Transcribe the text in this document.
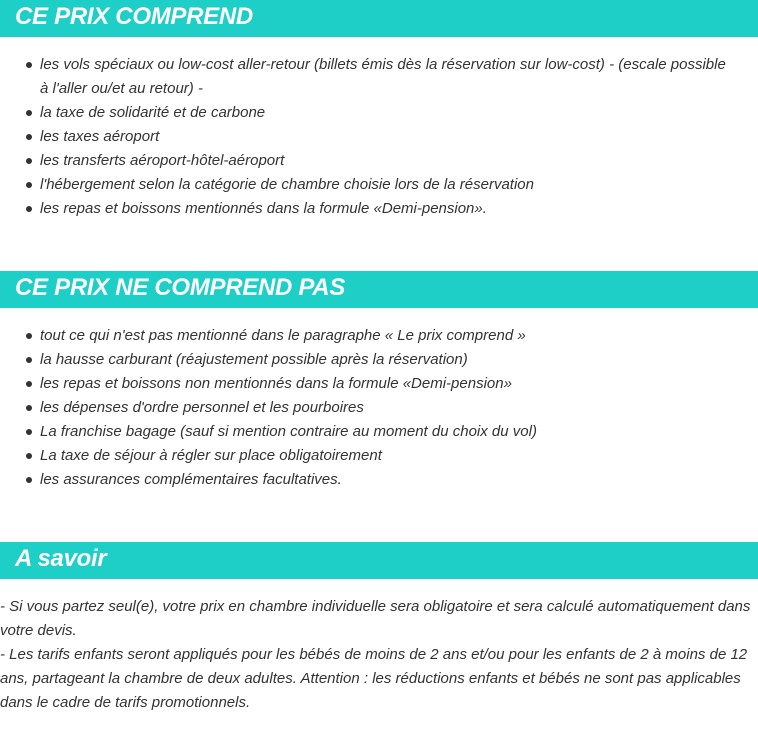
CE PRIX COMPREND
les vols spéciaux ou low-cost aller-retour (billets émis dès la réservation sur low-cost) - (escale possible à l'aller ou/et au retour) -
la taxe de solidarité et de carbone
les taxes aéroport
les transferts aéroport-hôtel-aéroport
l'hébergement selon la catégorie de chambre choisie lors de la réservation
les repas et boissons mentionnés dans la formule «Demi-pension».
CE PRIX NE COMPREND PAS
tout ce qui n'est pas mentionné dans le paragraphe « Le prix comprend »
la hausse carburant (réajustement possible après la réservation)
les repas et boissons non mentionnés dans la formule «Demi-pension»
les dépenses d'ordre personnel et les pourboires
La franchise bagage (sauf si mention contraire au moment du choix du vol)
La taxe de séjour à régler sur place obligatoirement
les assurances complémentaires facultatives.
A savoir

- Si vous partez seul(e), votre prix en chambre individuelle sera obligatoire et sera calculé automatiquement dans votre devis.

- Les tarifs enfants seront appliqués pour les bébés de moins de 2 ans et/ou pour les enfants de 2 à moins de 12 ans, partageant la chambre de deux adultes. Attention : les réductions enfants et bébés ne sont pas applicables dans le cadre de tarifs promotionnels.
